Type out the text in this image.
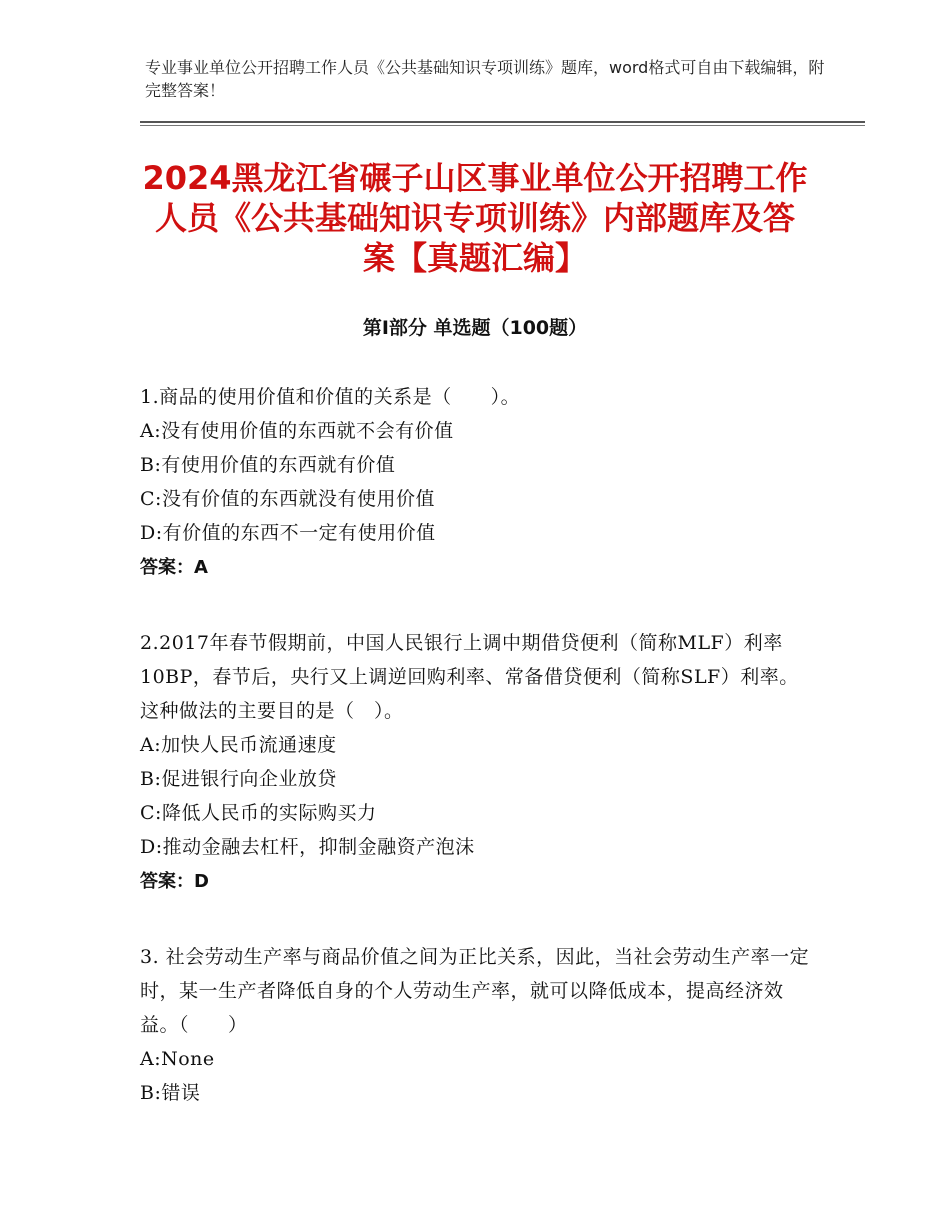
专业事业单位公开招聘工作人员《公共基础知识专项训练》题库，word格式可自由下载编辑，附完整答案！
2024黑龙江省碾子山区事业单位公开招聘工作人员《公共基础知识专项训练》内部题库及答案【真题汇编】
第Ⅰ部分 单选题（100题）
1.商品的使用价值和价值的关系是（　　）。
A:没有使用价值的东西就不会有价值
B:有使用价值的东西就有价值
C:没有价值的东西就没有使用价值
D:有价值的东西不一定有使用价值
答案：A
2.2017年春节假期前，中国人民银行上调中期借贷便利（简称MLF）利率10BP，春节后，央行又上调逆回购利率、常备借贷便利（简称SLF）利率。这种做法的主要目的是（　）。
A:加快人民币流通速度
B:促进银行向企业放贷
C:降低人民币的实际购买力
D:推动金融去杠杆，抑制金融资产泡沫
答案：D
3. 社会劳动生产率与商品价值之间为正比关系，因此，当社会劳动生产率一定时，某一生产者降低自身的个人劳动生产率，就可以降低成本，提高经济效益。（　　）
A:None
B:错误
